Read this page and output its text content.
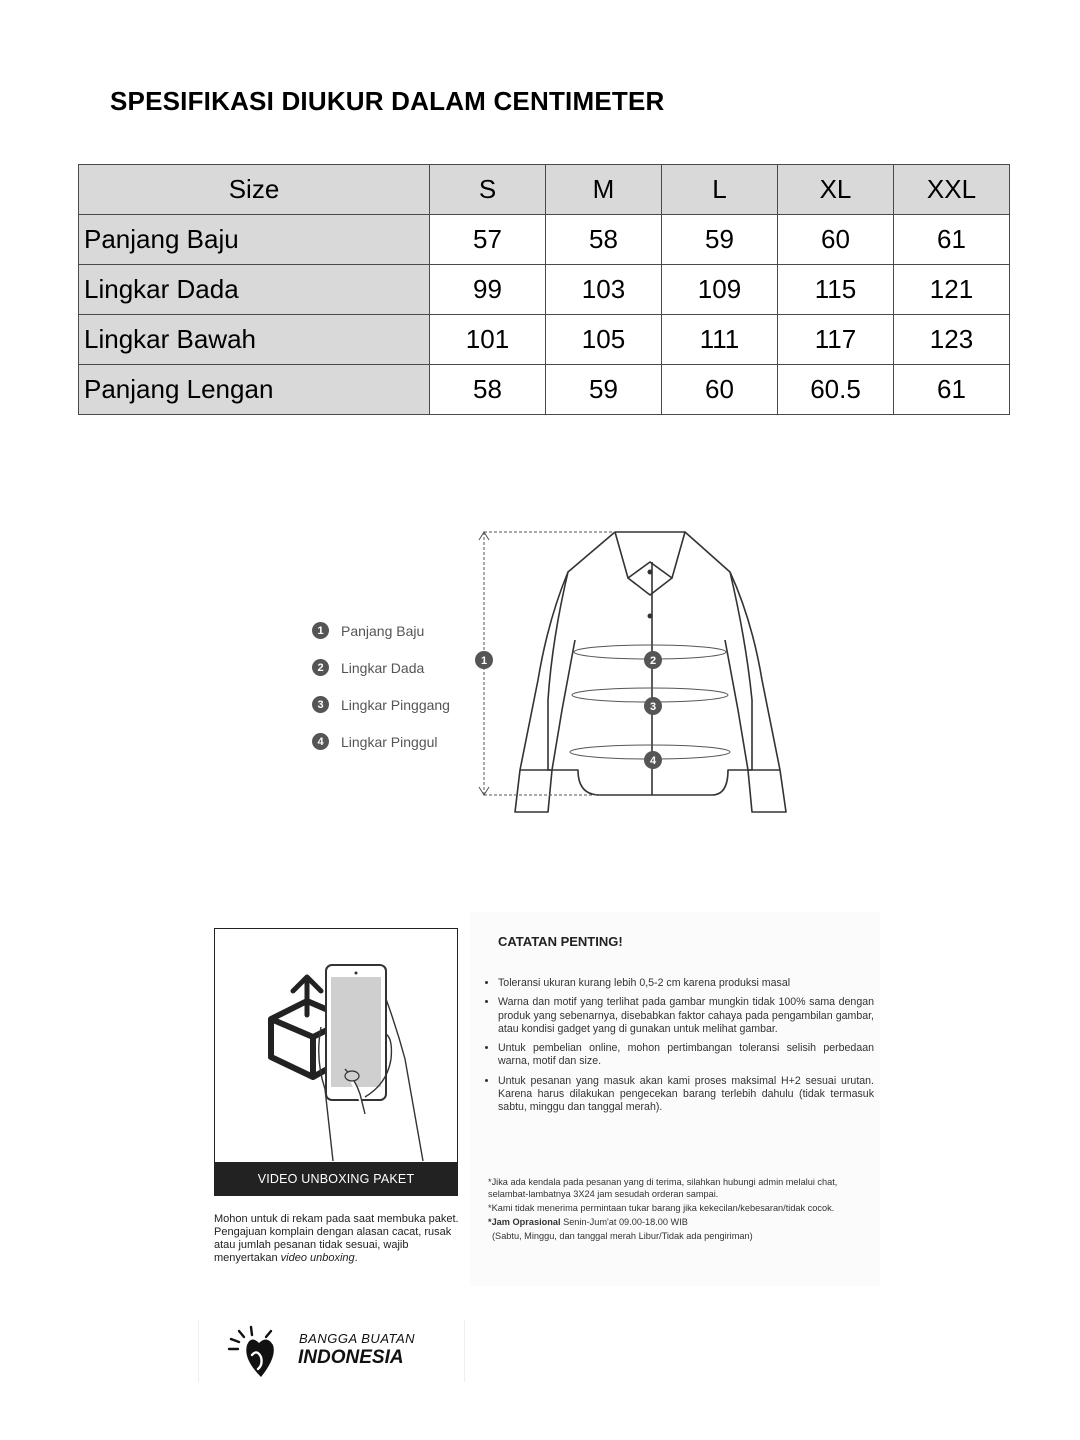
SPESIFIKASI DIUKUR DALAM CENTIMETER
Size	S	M	L	XL	XXL
Panjang Baju	57	58	59	60	61
Lingkar Dada	99	103	109	115	121
Lingkar Bawah	101	105	111	117	123
Panjang Lengan	58	59	60	60.5	61
1	Panjang Baju
2	Lingkar Dada
3	Lingkar Pinggang
4	Lingkar Pinggul
1	2
3
4
VIDEO UNBOXING PAKET
Mohon untuk di rekam pada saat membuka paket. Pengajuan komplain dengan alasan cacat, rusak atau jumlah pesanan tidak sesuai, wajib menyertakan video unboxing.
CATATAN PENTING!
• Toleransi ukuran kurang lebih 0,5-2 cm karena produksi masal
• Warna dan motif yang terlihat pada gambar mungkin tidak 100% sama dengan produk yang sebenarnya, disebabkan faktor cahaya pada pengambilan gambar, atau kondisi gadget yang di gunakan untuk melihat gambar.
• Untuk pembelian online, mohon pertimbangan toleransi selisih perbedaan warna, motif dan size.
• Untuk pesanan yang masuk akan kami proses maksimal H+2 sesuai urutan. Karena harus dilakukan pengecekan barang terlebih dahulu (tidak termasuk sabtu, minggu dan tanggal merah).
*Jika ada kendala pada pesanan yang di terima, silahkan hubungi admin melalui chat, selambat-lambatnya 3X24 jam sesudah orderan sampai.
*Kami tidak menerima permintaan tukar barang jika kekecilan/kebesaran/tidak cocok.
*Jam Oprasional Senin-Jum'at 09.00-18.00 WIB
(Sabtu, Minggu, dan tanggal merah Libur/Tidak ada pengiriman)
BANGGA BUATAN
INDONESIA
